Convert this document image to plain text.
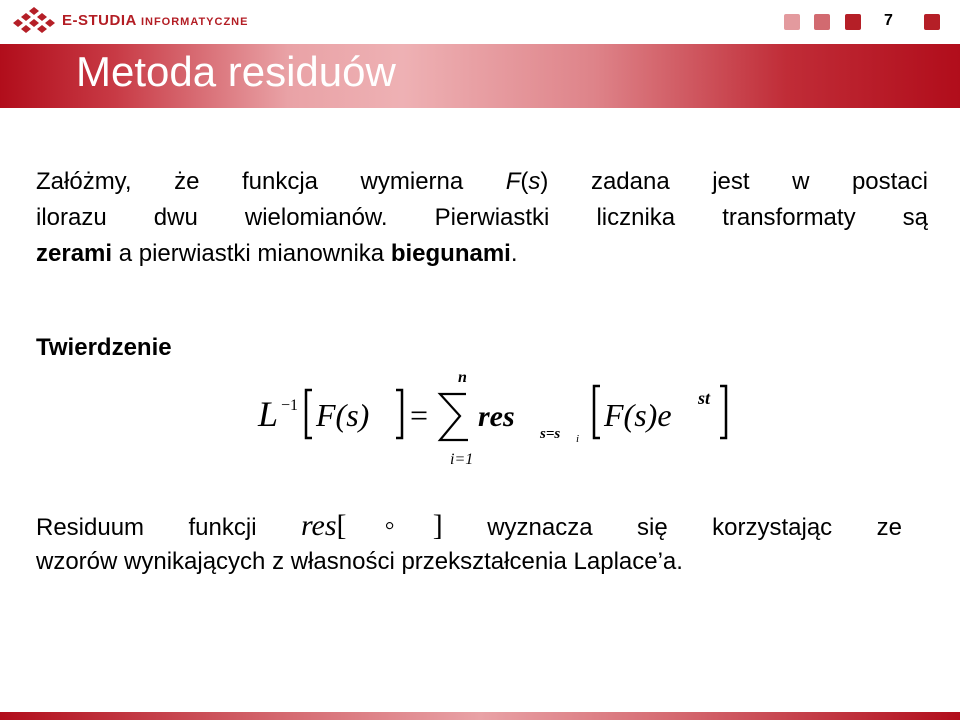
E-STUDIA INFORMATYCZNE	7
Metoda residuów
Załóżmy, że funkcja wymierna F(s) zadana jest w postaci
ilorazu dwu wielomianów. Pierwiastki licznika transformaty są
zerami a pierwiastki mianownika biegunami.
Twierdzenie
L −1 F(s) =
n
i=1
res
s=s i
F(s)e st
Residuum funkcji res[◦] wyznacza się korzystając ze
wzorów wynikających z własności przekształcenia Laplace’a.
